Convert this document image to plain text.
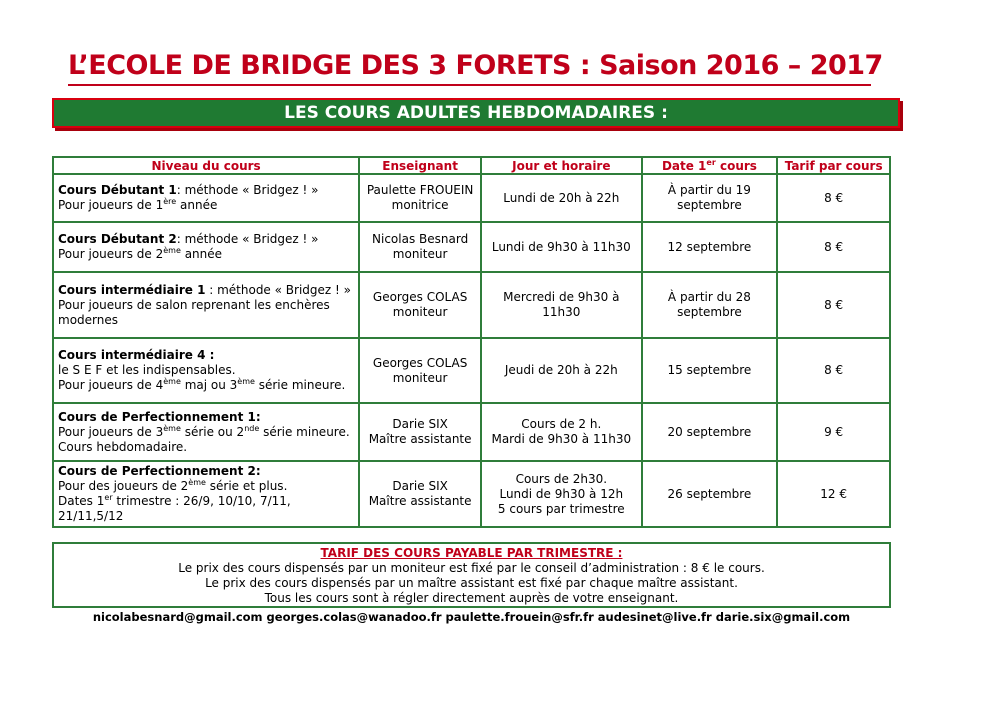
L’ECOLE DE BRIDGE DES 3 FORETS : Saison 2016 – 2017
LES COURS ADULTES HEBDOMADAIRES :
Niveau du cours	Enseignant	Jour et horaire	Date 1er cours	Tarif par cours
Cours Débutant 1: méthode « Bridgez ! »
Pour joueurs de 1ère année	Paulette FROUEIN
monitrice	Lundi de 20h à 22h	À partir du 19
septembre	8 €
Cours Débutant 2: méthode « Bridgez ! »
Pour joueurs de 2ème année	Nicolas Besnard
moniteur	Lundi de 9h30 à 11h30	12 septembre	8 €
Cours intermédiaire 1 : méthode « Bridgez ! »
Pour joueurs de salon reprenant les enchères
modernes	Georges COLAS
moniteur	Mercredi de 9h30 à
11h30	À partir du 28
septembre	8 €
Cours intermédiaire 4 :
le S E F et les indispensables.
Pour joueurs de 4ème maj ou 3ème série mineure.	Georges COLAS
moniteur	Jeudi de 20h à 22h	15 septembre	8 €
Cours de Perfectionnement 1:
Pour joueurs de 3ème série ou 2nde série mineure.
Cours hebdomadaire.	Darie SIX
Maître assistante	Cours de 2 h.
Mardi de 9h30 à 11h30	20 septembre	9 €
Cours de Perfectionnement 2:
Pour des joueurs de 2ème série et plus.
Dates 1er trimestre : 26/9, 10/10, 7/11, 21/11,5/12	Darie SIX
Maître assistante	Cours de 2h30.
Lundi de 9h30 à 12h
5 cours par trimestre	26 septembre	12 €
TARIF DES COURS PAYABLE PAR TRIMESTRE :
Le prix des cours dispensés par un moniteur est fixé par le conseil d’administration : 8 € le cours.
Le prix des cours dispensés par un maître assistant est fixé par chaque maître assistant.
Tous les cours sont à régler directement auprès de votre enseignant.
nicolabesnard@gmail.com georges.colas@wanadoo.fr paulette.frouein@sfr.fr audesinet@live.fr darie.six@gmail.com
